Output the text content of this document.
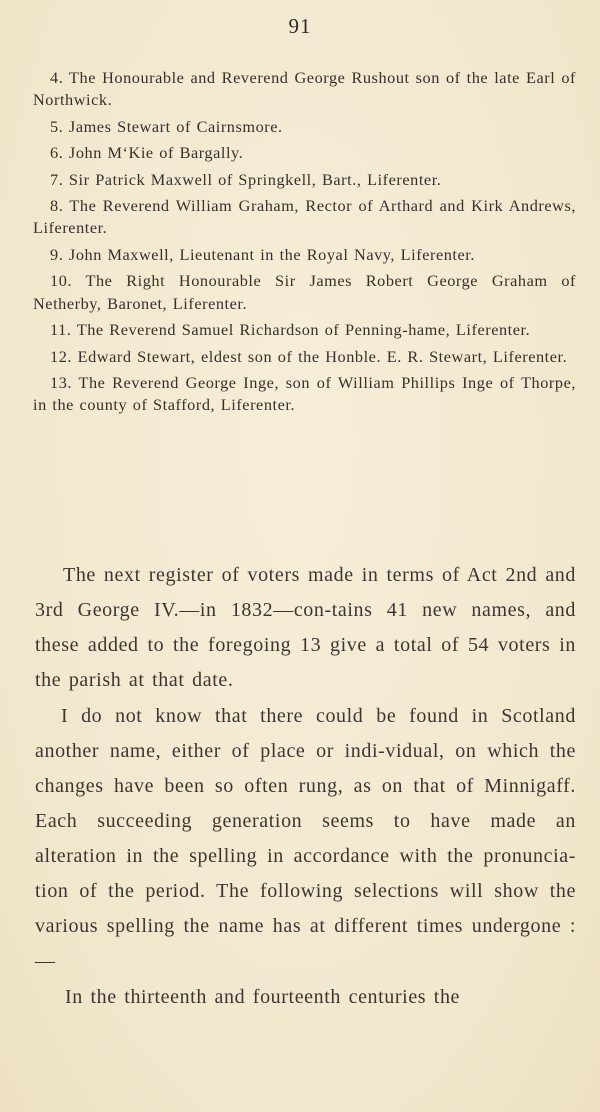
91
4. The Honourable and Reverend George Rushout son of the late Earl of Northwick.
5. James Stewart of Cairnsmore.
6. John M‘Kie of Bargally.
7. Sir Patrick Maxwell of Springkell, Bart., Liferenter.
8. The Reverend William Graham, Rector of Arthard and Kirk Andrews, Liferenter.
9. John Maxwell, Lieutenant in the Royal Navy, Liferenter.
10. The Right Honourable Sir James Robert George Graham of Netherby, Baronet, Liferenter.
11. The Reverend Samuel Richardson of Penning-hame, Liferenter.
12. Edward Stewart, eldest son of the Honble. E. R. Stewart, Liferenter.
13. The Reverend George Inge, son of William Phillips Inge of Thorpe, in the county of Stafford, Liferenter.

The next register of voters made in terms of Act 2nd and 3rd George IV.—in 1832—con-tains 41 new names, and these added to the foregoing 13 give a total of 54 voters in the parish at that date.

I do not know that there could be found in Scotland another name, either of place or indi-vidual, on which the changes have been so often rung, as on that of Minnigaff. Each succeeding generation seems to have made an alteration in the spelling in accordance with the pronuncia-tion of the period. The following selections will show the various spelling the name has at different times undergone :—

In the thirteenth and fourteenth centuries the
